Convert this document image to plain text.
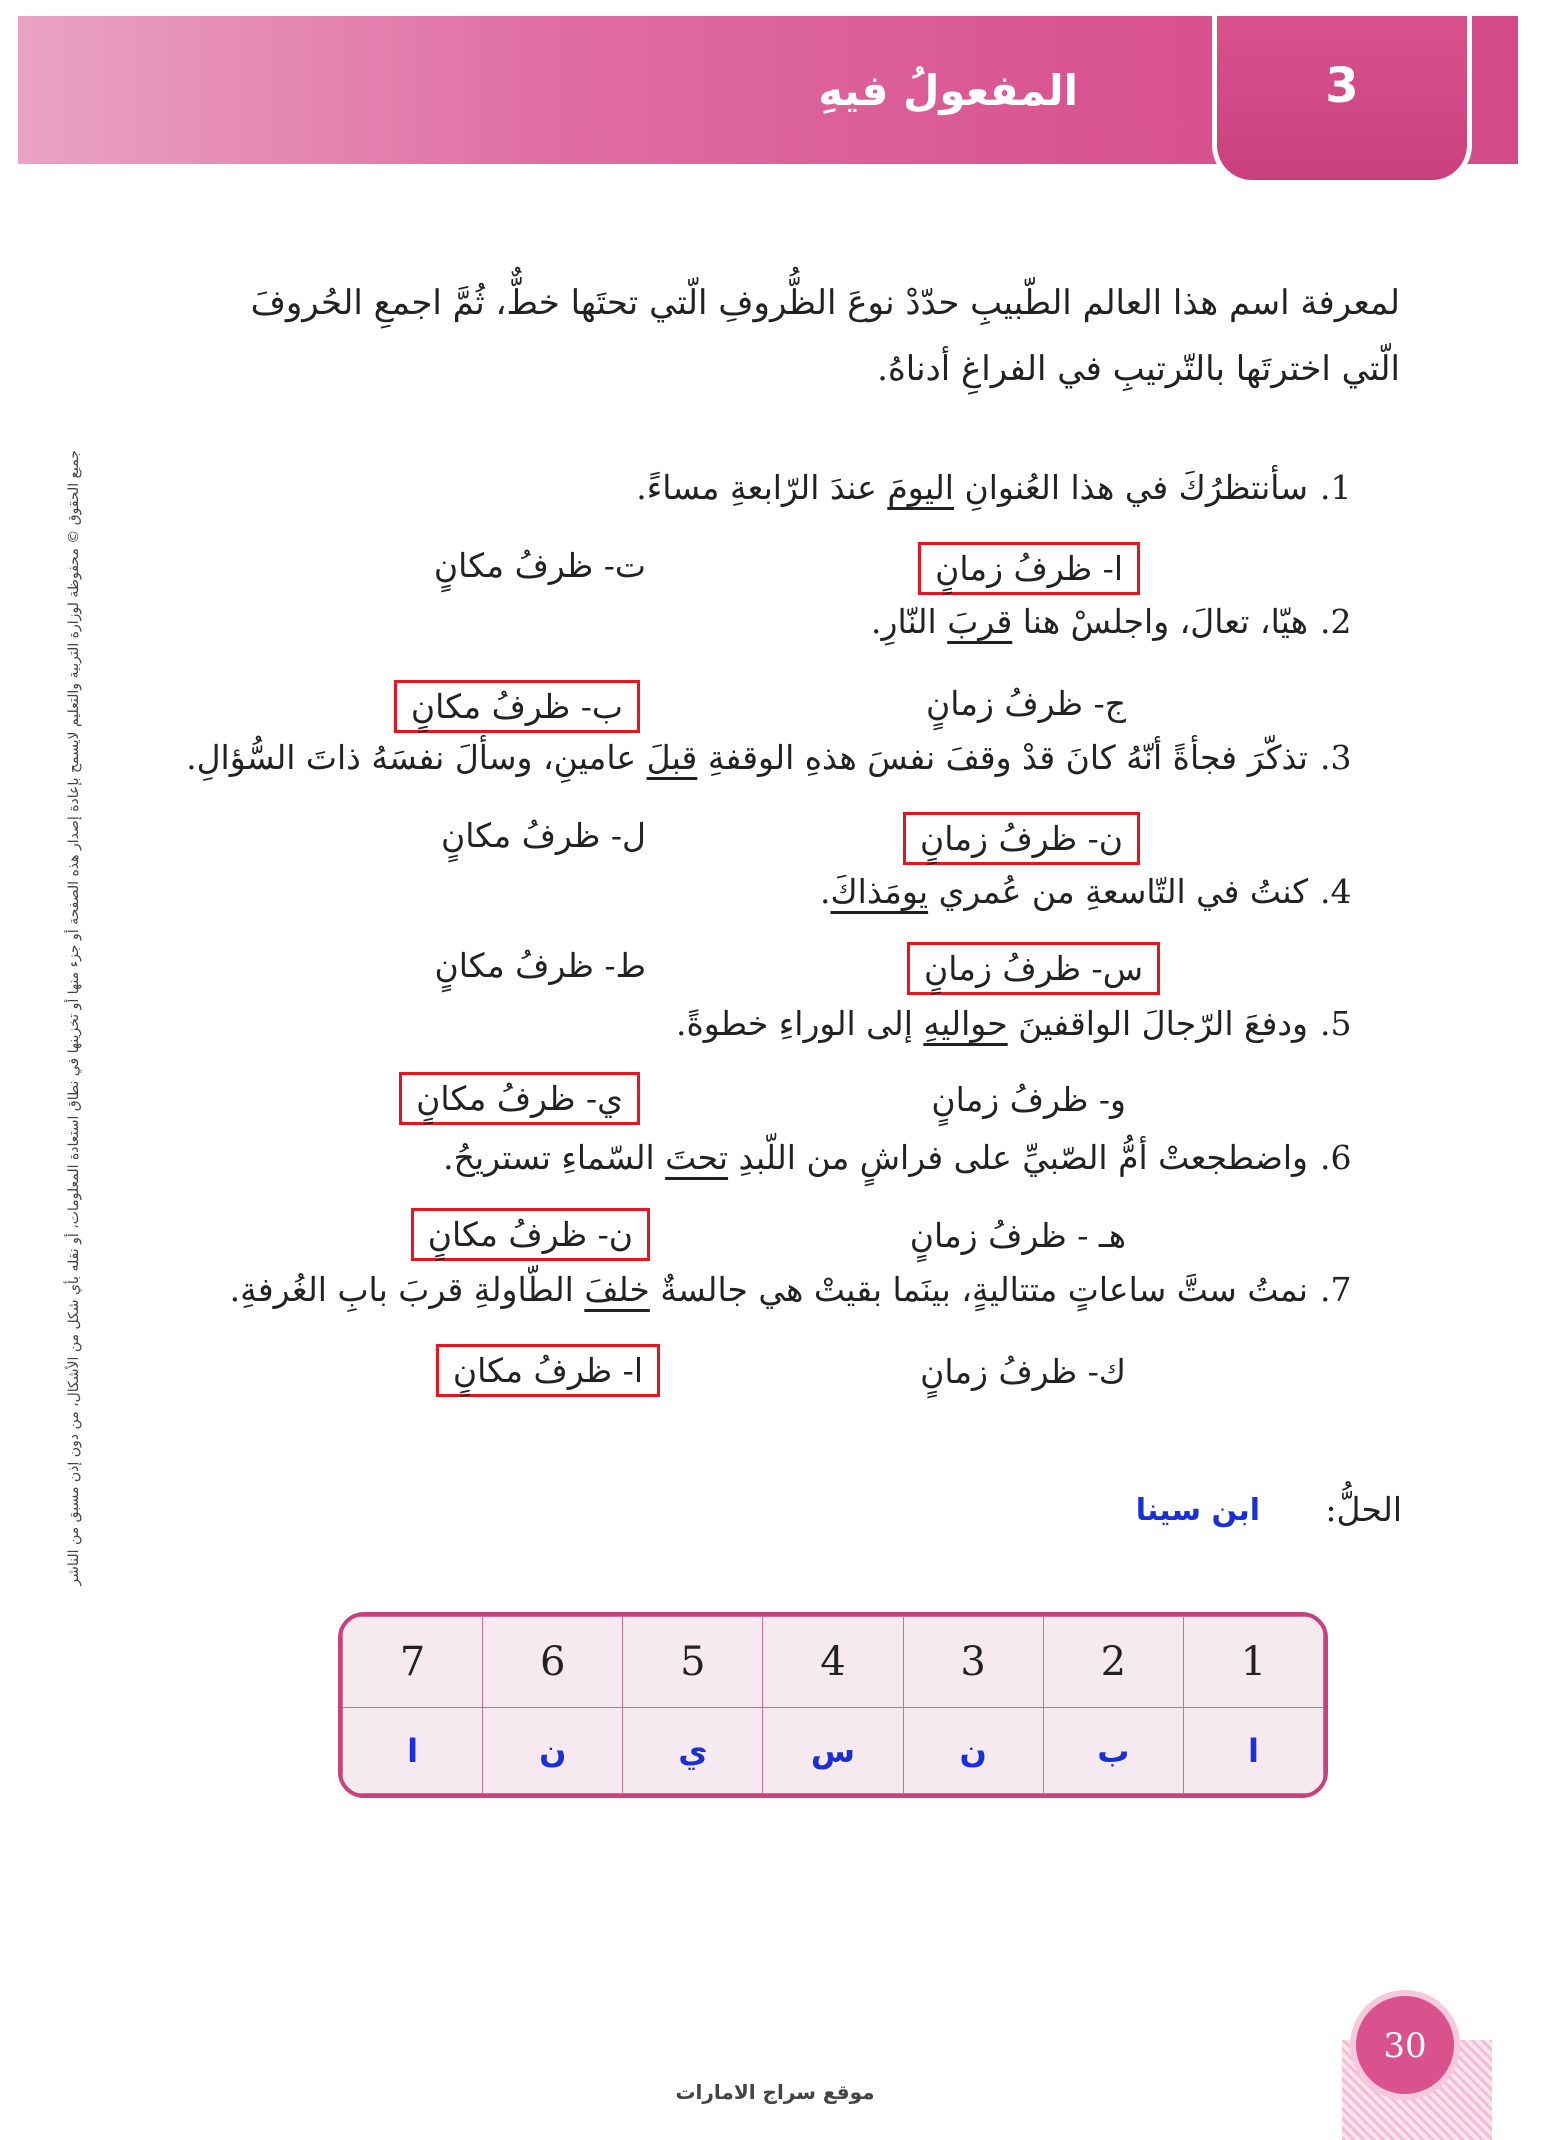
المفعولُ فيهِ	3
جميع الحقوق © محفوظة لوزارة التربية والتعليم لايسمح بإعادة إصدار هذه الصفحة أو جزء منها أو تخزينها في نطاق استعادة المعلومات، أو نقله بأي شكل من الأشكال، من دون إذن مسبق من الناشر
لمعرفة اسم هذا العالم الطّبيبِ حدّدْ نوعَ الظُّروفِ الّتي تحتَها خطٌّ، ثُمَّ اجمعِ الحُروفَ الّتي اخترتَها بالتّرتيبِ في الفراغِ أدناهُ.
1.سأنتظرُكَ في هذا العُنوانِ اليومَ عندَ الرّابعةِ مساءً.
ا- ظرفُ زمانٍ
ت- ظرفُ مكانٍ
2.هيّا، تعالَ، واجلسْ هنا قربَ النّارِ.
ج- ظرفُ زمانٍ
ب- ظرفُ مكانٍ
3.تذكّرَ فجأةً أنّهُ كانَ قدْ وقفَ نفسَ هذهِ الوقفةِ قبلَ عامينِ، وسألَ نفسَهُ ذاتَ السُّؤالِ.
ن- ظرفُ زمانٍ
ل- ظرفُ مكانٍ
4.كنتُ في التّاسعةِ من عُمري يومَذاكَ.
س- ظرفُ زمانٍ
ط- ظرفُ مكانٍ
5.ودفعَ الرّجالَ الواقفينَ حواليهِ إلى الوراءِ خطوةً.
و- ظرفُ زمانٍ
ي- ظرفُ مكانٍ
6.واضطجعتْ أمُّ الصّبيِّ على فراشٍ من اللّبدِ تحتَ السّماءِ تستريحُ.
هـ - ظرفُ زمانٍ
ن- ظرفُ مكانٍ
7.نمتُ ستَّ ساعاتٍ متتاليةٍ، بينَما بقيتْ هي جالسةٌ خلفَ الطّاولةِ قربَ بابِ الغُرفةِ.
ك- ظرفُ زمانٍ
ا- ظرفُ مكانٍ
الحلُّ:
ابن سينا
1	2	3	4	5	6	7
ا	ب	ن	س	ي	ن	ا
30
موقع سراج الامارات
